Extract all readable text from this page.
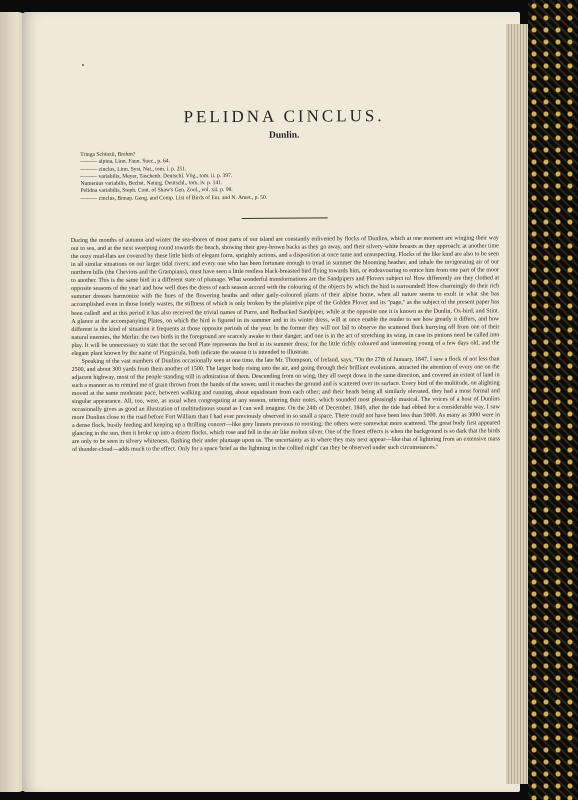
PELIDNA CINCLUS.
Dunlin.
Tringa Schinzii, Brehm?
——— alpina, Linn. Faun. Suec., p. 64.
——— cinclus, Linn. Syst. Nat., tom. i. p. 251.
——— variabilis, Meyer, Taschenb. Deutschl. Vög., tom. ii. p. 397.
Numenius variabilis, Bechst. Naturg. Deutschl., tom. iv. p. 141.
Pelidna variabilis, Steph. Cont. of Shaw's Gen. Zool., vol. xii. p. 98.
——— cinclus, Bonap. Geog. and Comp. List of Birds of Eur. and N. Amer., p. 50.

During the months of autumn and winter the sea-shores of most parts of our island are constantly enlivened by flocks of Dunlins, which at one moment are winging their way out to sea, and at the next sweeping round towards the beach, showing their grey-brown backs as they go away, and their silvery-white breasts as they approach; at another time the oozy mud-flats are covered by these little birds of elegant form, sprightly actions, and a disposition at once tame and unsuspecting. Flocks of the like kind are also to be seen in all similar situations on our larger tidal rivers; and every one who has been fortunate enough to tread in summer the blooming heather, and inhale the invigorating air of our northern hills (the Cheviots and the Grampians), must have seen a little restless black-breasted bird flying towards him, or endeavouring to entice him from one part of the moor to another. This is the same bird in a different state of plumage. What wonderful transformations are the Sandpipers and Plovers subject to! How differently are they clothed at opposite seasons of the year! and how well does the dress of each season accord with the colouring of the objects by which the bird is surrounded! How charmingly do their rich summer dresses harmonize with the hues of the flowering heaths and other gaily-coloured plants of their alpine home, when all nature seems to exult in what she has accomplished even in those lonely wastes, the stillness of which is only broken by the plaintive pipe of the Golden Plover and its "page," as the subject of the present paper has been called! and at this period it has also received the trivial names of Purre, and Redbacked Sandpiper, while at the opposite one it is known as the Dunlin, Ox-bird, and Stint. A glance at the accompanying Plates, on which the bird is figured in its summer and in its winter dress, will at once enable the reader to see how greatly it differs, and how different is the kind of situation it frequents at those opposite periods of the year. In the former they will not fail to observe the scattered flock hurrying off from one of their natural enemies, the Merlin: the two birds in the foreground are scarcely awake to their danger; and one is in the act of stretching its wing, in case its pinions need be called into play. It will be unnecessary to state that the second Plate represents the bird in its summer dress; for the little richly coloured and interesting young of a few days old, and the elegant plant known by the name of Pinguicula, both indicate the season it is intended to illustrate.

Speaking of the vast numbers of Dunlins occasionally seen at one time, the late Mr. Thompson, of Ireland, says, "On the 27th of January, 1847, I saw a flock of not less than 2500, and about 300 yards from them another of 1500. The larger body rising into the air, and going through their brilliant evolutions, attracted the attention of every one on the adjacent highway, most of the people standing still in admiration of them. Descending from on wing, they all swept down in the same direction, and covered an extent of land in such a manner as to remind me of grain thrown from the hands of the sower, until it reaches the ground and is scattered over its surface. Every bird of the multitude, on alighting moved at the same moderate pace, between walking and running, about equidistant from each other; and their heads being all similarly elevated, they had a most formal and singular appearance. All, too, were, as usual when congregating at any season, uttering their notes, which sounded most pleasingly musical. The voices of a host of Dunlins occasionally gives as good an illustration of multitudinous sound as I can well imagine. On the 24th of December, 1849, after the tide had ebbed for a considerable way, I saw more Dunlins close to the road before Fort William than I had ever previously observed in so small a space. There could not have been less than 5000. As many as 3000 were in a dense flock, busily feeding and keeping up a thrilling concert—like grey linnets previous to roosting; the others were somewhat more scattered. The great body first appeared glancing in the sun, then it broke up into a dozen flocks, which rose and fell in the air like molten silver. One of the finest effects is when the background is so dark that the birds are only to be seen in silvery whiteness, flashing their under plumage upon us. The uncertainty as to where they may next appear—like that of lightning from an extensive mass of thunder-cloud—adds much to the effect. Only for a space 'brief as the lightning in the collied night' can they be observed under such circumstances."
